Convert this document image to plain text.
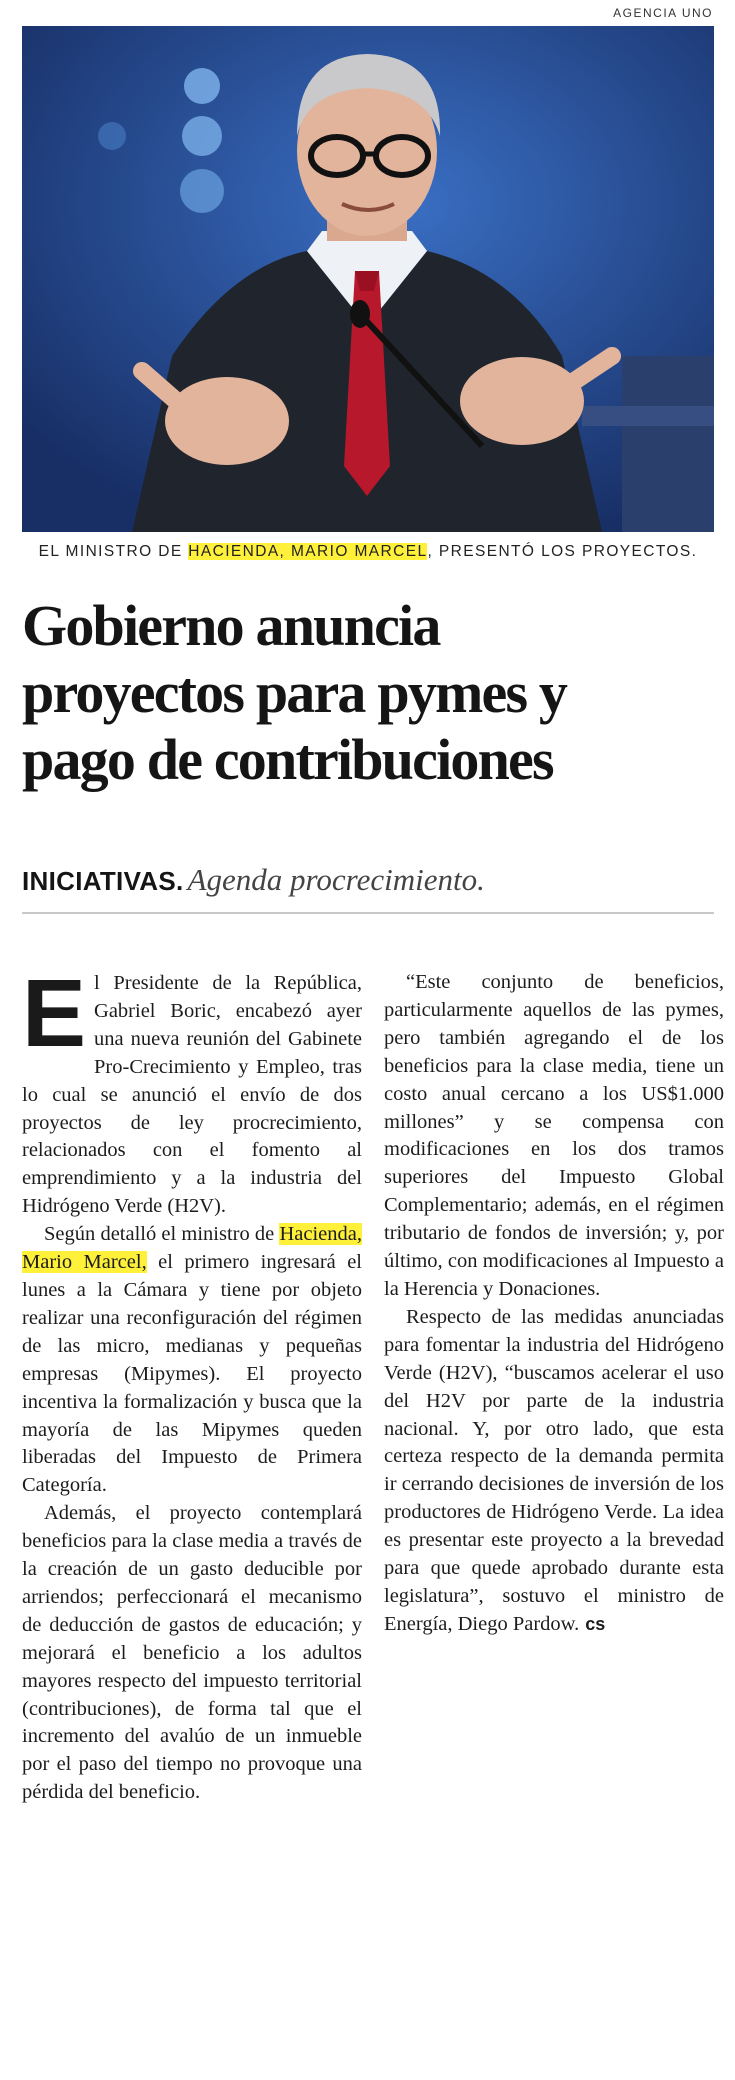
AGENCIA UNO
EL MINISTRO DE HACIENDA, MARIO MARCEL, PRESENTÓ LOS PROYECTOS.
Gobierno anuncia
proyectos para pymes y
pago de contribuciones
INICIATIVAS. Agenda procrecimiento.

El Presidente de la República, Gabriel Boric, encabezó ayer una nueva reunión del Gabinete Pro-Crecimiento y Empleo, tras lo cual se anunció el envío de dos proyectos de ley procrecimiento, relacionados con el fomento al emprendimiento y a la industria del Hidrógeno Verde (H2V).

Según detalló el ministro de Hacienda, Mario Marcel, el primero ingresará el lunes a la Cámara y tiene por objeto realizar una reconfiguración del régimen de las micro, medianas y pequeñas empresas (Mipymes). El proyecto incentiva la formalización y busca que la mayoría de las Mipymes queden liberadas del Impuesto de Primera Categoría.

Además, el proyecto contemplará beneficios para la clase media a través de la creación de un gasto deducible por arriendos; perfeccionará el mecanismo de deducción de gastos de educación; y mejorará el beneficio a los adultos mayores respecto del impuesto territorial (contribuciones), de forma tal que el incremento del avalúo de un inmueble por el paso del tiempo no provoque una pérdida del beneficio.

“Este conjunto de beneficios, particularmente aquellos de las pymes, pero también agregando el de los beneficios para la clase media, tiene un costo anual cercano a los US$1.000 millones” y se compensa con modificaciones en los dos tramos superiores del Impuesto Global Complementario; además, en el régimen tributario de fondos de inversión; y, por último, con modificaciones al Impuesto a la Herencia y Donaciones.

Respecto de las medidas anunciadas para fomentar la industria del Hidrógeno Verde (H2V), “buscamos acelerar el uso del H2V por parte de la industria nacional. Y, por otro lado, que esta certeza respecto de la demanda permita ir cerrando decisiones de inversión de los productores de Hidrógeno Verde. La idea es presentar este proyecto a la brevedad para que quede aprobado durante esta legislatura”, sostuvo el ministro de Energía, Diego Pardow. cs
